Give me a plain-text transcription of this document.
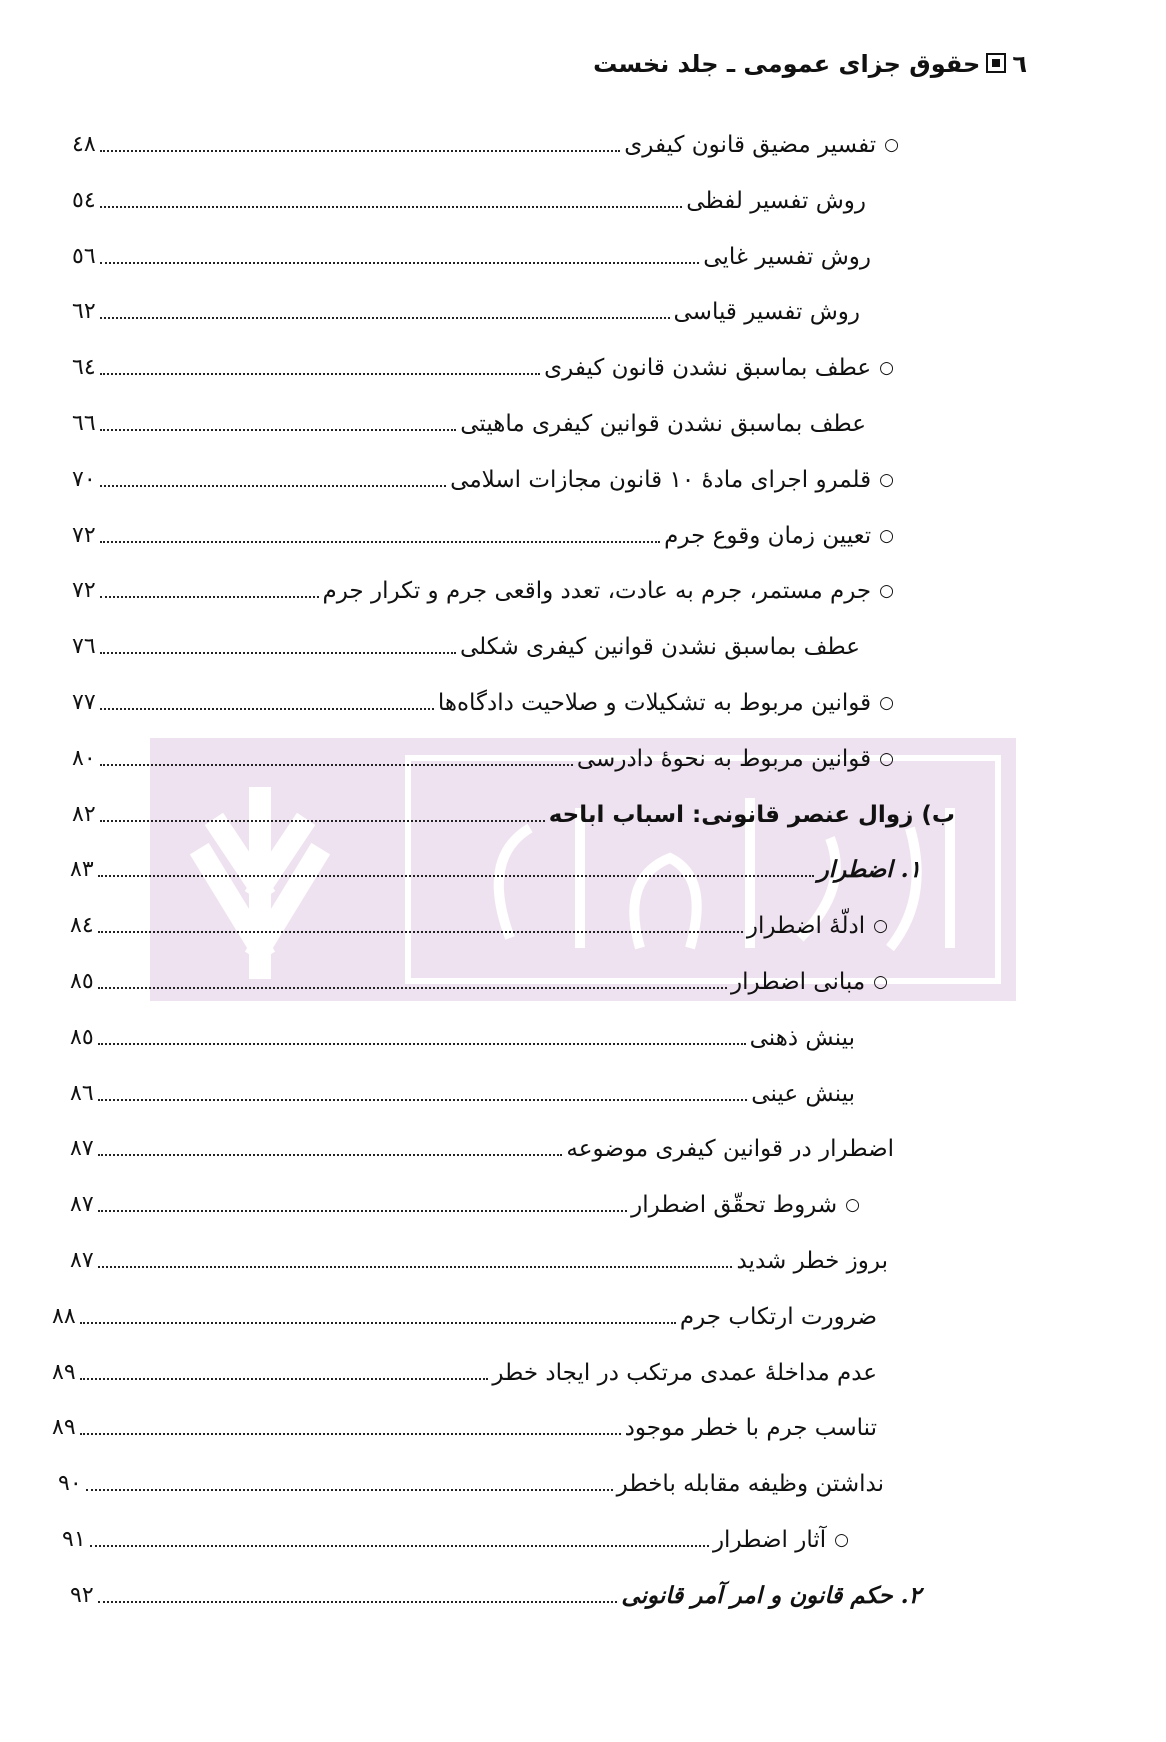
٦حقوق جزای عمومی ـ جلد نخست
○
تفسیر مضیق قانون کیفری
٤٨
روش تفسیر لفظی
٥٤
روش تفسیر غایی
٥٦
روش تفسیر قیاسی
٦٢
○
عطف بماسبق نشدن قانون کیفری
٦٤
عطف بماسبق نشدن قوانین کیفری ماهیتی
٦٦
○
قلمرو اجرای مادهٔ ١٠ قانون مجازات اسلامی
٧٠
○
تعیین زمان وقوع جرم
٧٢
○
جرم مستمر، جرم به عادت، تعدد واقعی جرم و تکرار جرم
٧٢
عطف بماسبق نشدن قوانین کیفری شکلی
٧٦
○
قوانین مربوط به تشکیلات و صلاحیت دادگاه‌ها
٧٧
○
قوانین مربوط به نحوهٔ دادرسی
٨٠
ب) زوال عنصر قانونی: اسباب اباحه
٨٢
١. اضطرار
٨٣
○
ادلّهٔ اضطرار
٨٤
○
مبانی اضطرار
٨٥
بینش ذهنی
٨٥
بینش عینی
٨٦
اضطرار در قوانین کیفری موضوعه
٨٧
○
شروط تحقّق اضطرار
٨٧
بروز خطر شدید
٨٧
ضرورت ارتکاب جرم
٨٨
عدم مداخلهٔ عمدی مرتکب در ایجاد خطر
٨٩
تناسب جرم با خطر موجود
٨٩
نداشتن وظیفه مقابله باخطر
٩٠
○
آثار اضطرار
٩١
٢. حکم قانون و امر آمر قانونی
٩٢
